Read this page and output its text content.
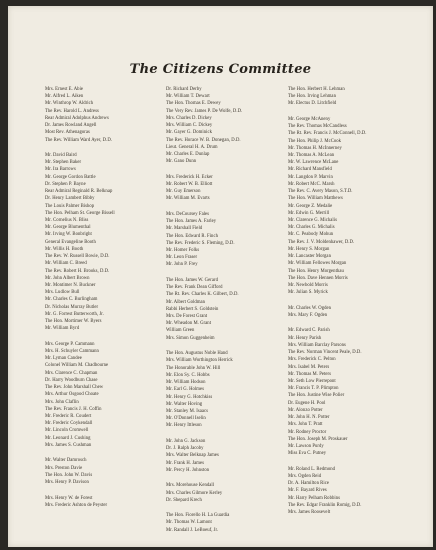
The Citizens Committee
Mrs. Ernest E. Abie
Mr. Alfred L. Aiken
Mr. Winthrop W. Aldrich
The Rev. Harold L. Andress
Rear Admiral Adolphus Andrews
Dr. James Rowland Angell
Most Rev. Athenagoras
The Rev. William Ward Ayer, D.D.
Mr. David Baird
Mr. Stephen Baker
Mr. Ira Barrows
Mr. George Gordon Battle
Dr. Stephen P. Bayne
Rear Admiral Reginald R. Belknap
Dr. Henry Lambert Bibby
The Louis Palmer Bishop
The Hon. Pelham St. George Bissell
Mr. Cornelius N. Bliss
Mr. George Blumenthal
Mr. Irving W. Bonbright
General Evangeline Booth
Mr. Willis H. Booth
The Rev. W. Russell Bowie, D.D.
Mr. William C. Breed
The Rev. Robert H. Brooks, D.D.
Mr. John Albert Brown
Mr. Montimer N. Buckner
Mrs. Ludlow Bull
Mr. Charles C. Burlingham
Dr. Nicholas Murray Butler
Mr. G. Forrest Butterworth, Jr.
The Hon. Mortimer W. Byers
Mr. William Byrd
Mrs. George P. Cammann
Mrs. H. Schuyler Cammann
Mr. Lyman Candee
Colonel William M. Chadbourne
Mrs. Clarence C. Chapman
Dr. Harry Woodburn Chase
The Rev. John Marshall Chew
Mrs. Arthur Osgood Choate
Mrs. John Claflin
The Rev. Francis J. H. Coffin
Mr. Frederic R. Coudert
Mr. Frederic Coykendall
Mr. Lincoln Cromwell
Mr. Leonard J. Cushing
Mrs. James S. Cushman
Mr. Walter Damrosch
Mrs. Preston Davie
The Hon. John W. Davis
Mrs. Henry P. Davison
Mrs. Henry W. de Forest
Mrs. Frederic Ashton de Peyster
Dr. Richard Derby
Mr. William T. Dewart
The Hon. Thomas E. Dewey
The Very Rev. James P. De Wolfe, D.D.
Mrs. Charles D. Dickey
Mrs. William C. Dickey
Mr. Gayer G. Dominick
The Rev. Horace W. B. Donegan, D.D.
Lieut. General H. A. Drum
Mr. Charles E. Dunlap
Mr. Gano Dunn
Mrs. Frederick H. Ecker
Mr. Robert W. B. Elliott
Mr. Guy Emerson
Mr. William M. Evarts
Mrs. DeCoursey Fales
The Hon. James A. Farley
Mr. Marshall Field
The Hon. Edward R. Finch
The Rev. Frederic S. Fleming, D.D.
Mr. Homer Folks
Mr. Leon Fraser
Mr. John P. Frey
The Hon. James W. Gerard
The Rev. Frank Dean Gifford
The Rt. Rev. Charles K. Gilbert, D.D.
Mr. Albert Goldman
Rabbi Herbert S. Goldstein
Mrs. De Forest Grant
Mr. Wheadon M. Grant
William Green
Mrs. Simon Guggenheim
The Hon. Augustus Noble Hand
Mrs. William Worthington Herrick
The Honorable John W. Hill
Mr. Elon Sy. C. Hobbs
Mr. William Hodson
Mr. Earl G. Holmes
Mr. Henry G. Hotchkiss
Mr. Walter Hoving
Mr. Stanley M. Isaacs
Mr. O'Donnell Iselin
Mr. Henry Ittleson
Mr. John G. Jackson
Dr. J. Ralph Jacoby
Mrs. Walter Belknap James
Mr. Frank H. James
Mr. Percy H. Johnston
Mrs. Morehouse Kendall
Mrs. Charles Gilmore Kerley
Dr. Shepard Krech
The Hon. Fiorello H. La Guardia
Mr. Thomas W. Lamont
Mr. Randall J. LeBoeuf, Jr.
The Hon. Herbert H. Lehman
The Hon. Irving Lehman
Mr. Electus D. Litchfield
Mr. George McAneny
The Rev. Thomas McCandless
The Rt. Rev. Francis J. McConnell, D.D.
The Hon. Philip J. McCook
Mr. Thomas H. McInnerney
Mr. Thomas A. McLean
Mr. W. Lawrence McLane
Mr. Richard Mansfield
Mr. Langdon P. Marvin
Mr. Robert McC. Marsh
The Rev. C. Avery Mason, S.T.D.
The Hon. William Matthews
Mr. George Z. Medalie
Mr. Edwin G. Merrill
Mr. Clarence G. Michalis
Mr. Charles G. Michalis
Mr. C. Peabody Mohun
The Rev. J. V. Moldenhawer, D.D.
Mr. Henry S. Morgan
Mr. Lancaster Morgan
Mr. William Fellowes Morgan
The Hon. Henry Morgenthau
The Hon. Dave Hennen Morris
Mr. Newbold Morris
Mr. Julian S. Myrick
Mr. Charles W. Ogden
Mrs. Mary F. Ogden
Mr. Edward C. Parish
Mr. Henry Parish
Mrs. William Barclay Parsons
The Rev. Norman Vincent Peale, D.D.
Mrs. Frederick C. Pelton
Mrs. Isabel M. Peters
Mr. Thomas M. Peters
Mr. Seth Low Pierrepont
Mr. Francis T. P. Plimpton
The Hon. Justine Wise Polier
Dr. Eugene H. Pool
Mr. Alonzo Potter
Mr. John H. N. Potter
Mrs. John T. Pratt
Mr. Rodney Proctor
The Hon. Joseph M. Proskauer
Mr. Lawson Purdy
Miss Eva C. Putney
Mr. Roland L. Redmond
Mrs. Ogden Reid
Dr. A. Hamilton Rice
Mr. F. Bayard Rives
Mr. Harry Pelham Robbins
The Rev. Edgar Franklin Romig, D.D.
Mrs. James Roosevelt
